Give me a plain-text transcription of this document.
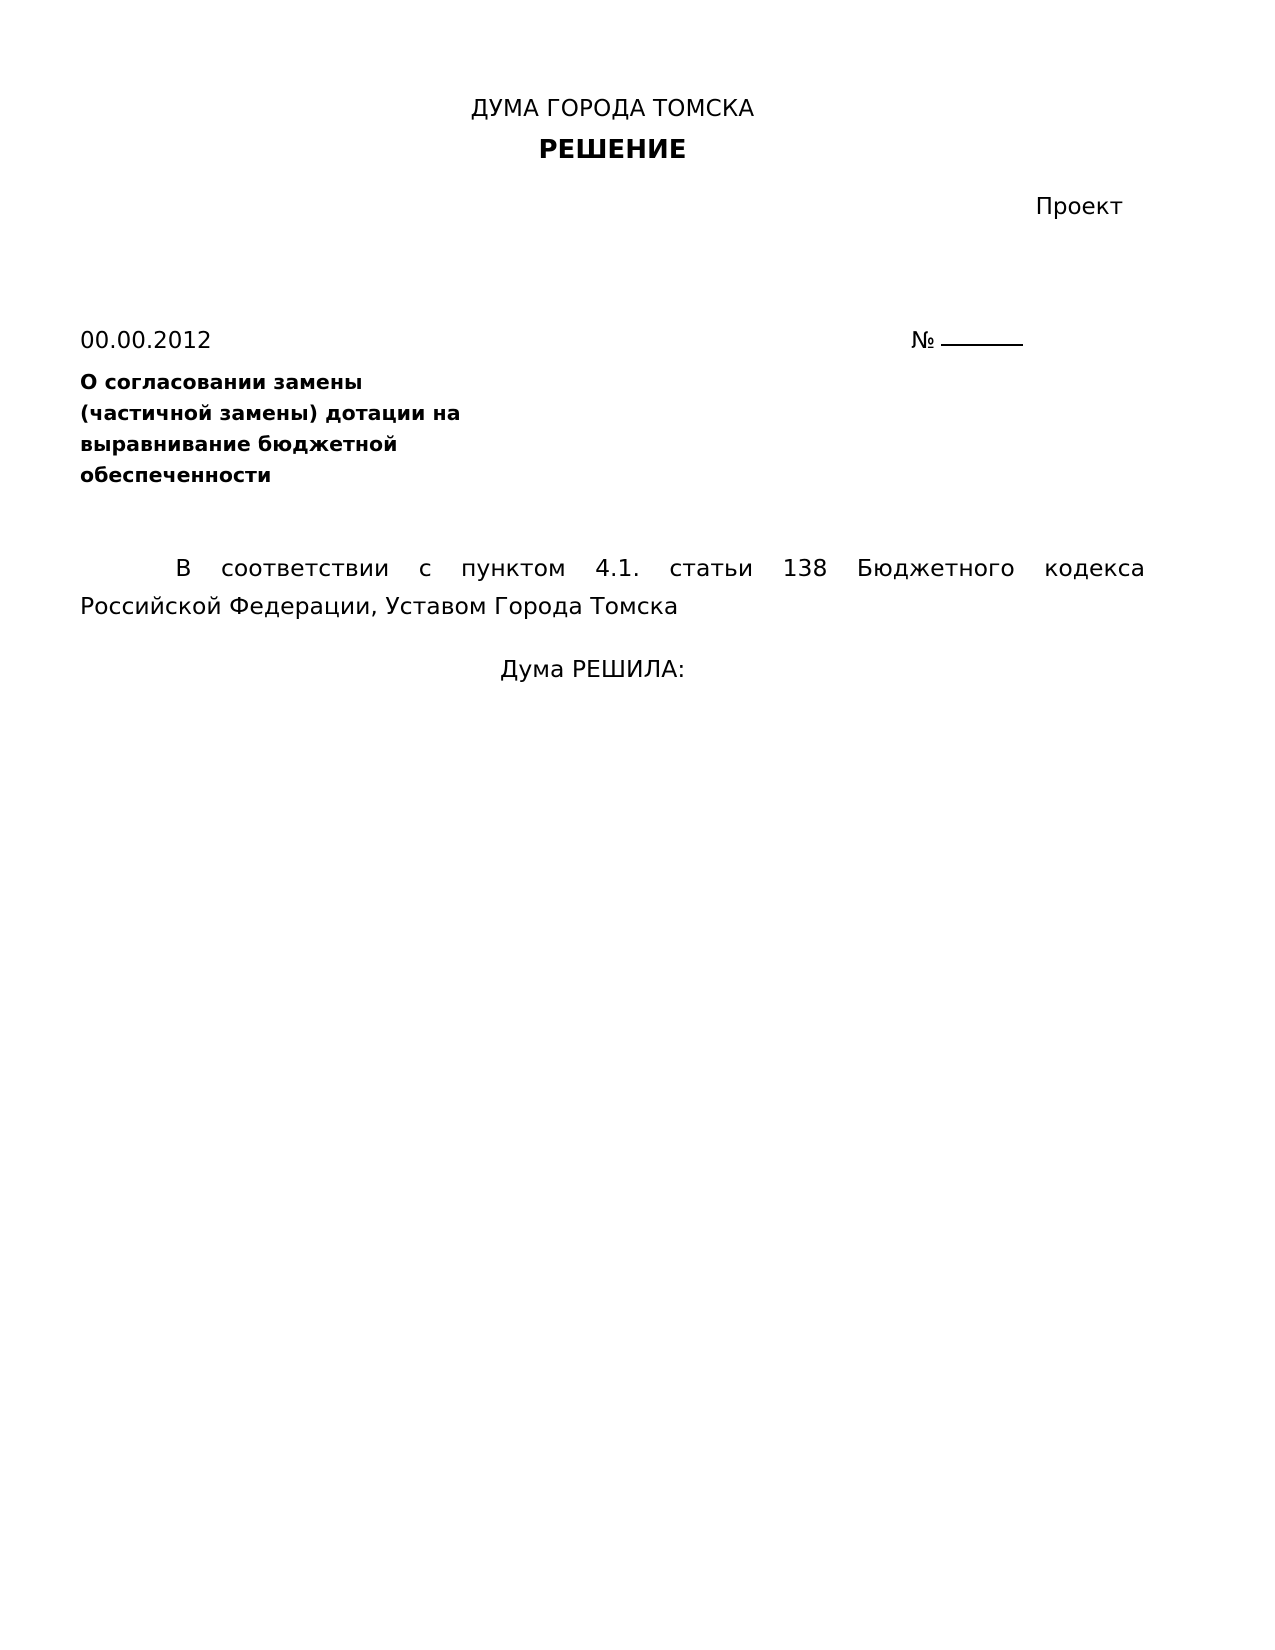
ДУМА ГОРОДА ТОМСКА
РЕШЕНИЕ
Проект
00.00.2012	№
О согласовании замены
(частичной замены) дотации на
выравнивание бюджетной
обеспеченности
В соответствии с пунктом 4.1. статьи 138 Бюджетного кодекса
Российской Федерации, Уставом Города Томска
Дума РЕШИЛА:
